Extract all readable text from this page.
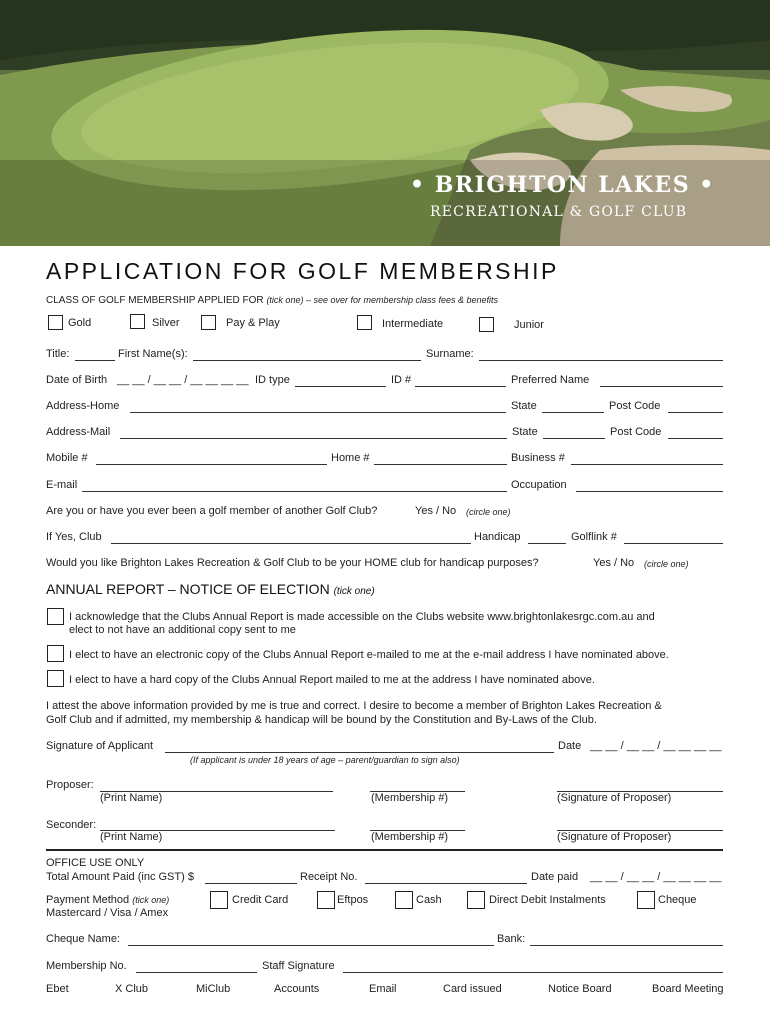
• BRIGHTON LAKES •
RECREATIONAL & GOLF CLUB
APPLICATION FOR GOLF MEMBERSHIP
CLASS OF GOLF MEMBERSHIP APPLIED FOR (tick one) – see over for membership class fees & benefits
Gold	Silver	Pay & Play	Intermediate	Junior
Title:	First Name(s):	Surname:
Date of Birth __ __ / __ __ / __ __ __ __ ID type	ID #	Preferred Name
Address-Home	State	Post Code
Address-Mail	State	Post Code
Mobile #	Home #	Business #
E-mail	Occupation
Are you or have you ever been a golf member of another Golf Club?	Yes / No (circle one)
If Yes, Club	Handicap	Golflink #
Would you like Brighton Lakes Recreation & Golf Club to be your HOME club for handicap purposes?	Yes / No (circle one)
ANNUAL REPORT – NOTICE OF ELECTION (tick one)
I acknowledge that the Clubs Annual Report is made accessible on the Clubs website www.brightonlakesrgc.com.au and
elect to not have an additional copy sent to me
I elect to have an electronic copy of the Clubs Annual Report e-mailed to me at the e-mail address I have nominated above.
I elect to have a hard copy of the Clubs Annual Report mailed to me at the address I have nominated above.
I attest the above information provided by me is true and correct. I desire to become a member of Brighton Lakes Recreation &
Golf Club and if admitted, my membership & handicap will be bound by the Constitution and By-Laws of the Club.
Signature of Applicant	Date __ __ / __ __ / __ __ __ __
(If applicant is under 18 years of age – parent/guardian to sign also)
Proposer:
(Print Name)	(Membership #)	(Signature of Proposer)
Seconder:
(Print Name)	(Membership #)	(Signature of Proposer)
OFFICE USE ONLY
Total Amount Paid (inc GST) $	Receipt No.	Date paid __ __ / __ __ / __ __ __ __
Payment Method (tick one)
Mastercard / Visa / Amex
Credit Card	Eftpos	Cash	Direct Debit Instalments	Cheque
Cheque Name:	Bank:
Membership No.	Staff Signature
Ebet	X Club	MiClub	Accounts	Email	Card issued	Notice Board	Board Meeting
